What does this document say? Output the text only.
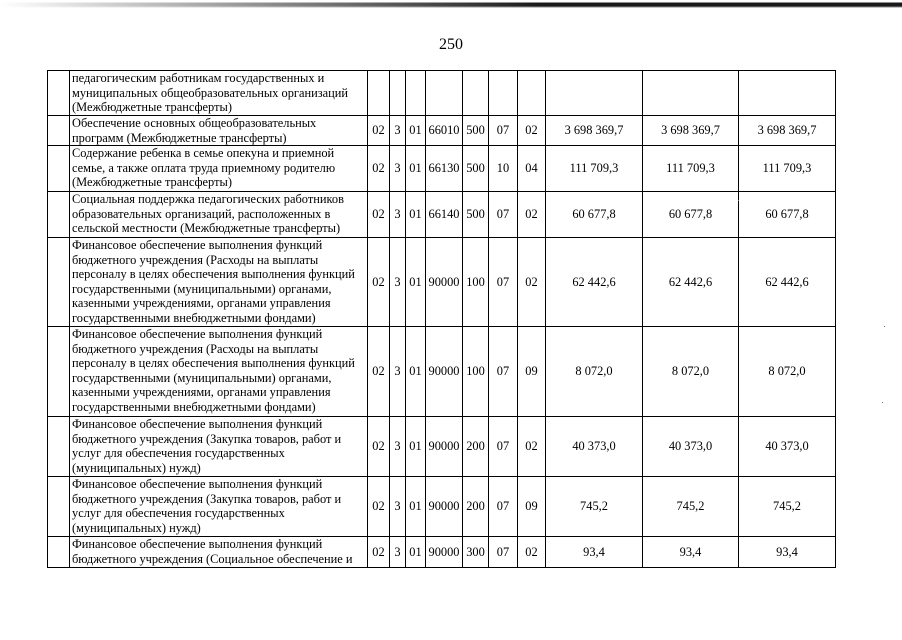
250
	педагогическим работникам государственных и муниципальных общеобразовательных организаций (Межбюджетные трансферты)										
	Обеспечение основных общеобразовательных программ (Межбюджетные трансферты)	02	3	01	66010	500	07	02	3 698 369,7	3 698 369,7	3 698 369,7
	Содержание ребенка в семье опекуна и приемной семье, а также оплата труда приемному родителю (Межбюджетные трансферты)	02	3	01	66130	500	10	04	111 709,3	111 709,3	111 709,3
	Социальная поддержка педагогических работников образовательных организаций, расположенных в сельской местности (Межбюджетные трансферты)	02	3	01	66140	500	07	02	60 677,8	60 677,8	60 677,8
	Финансовое обеспечение выполнения функций бюджетного учреждения (Расходы на выплаты персоналу в целях обеспечения выполнения функций государственными (муниципальными) органами, казенными учреждениями, органами управления государственными внебюджетными фондами)	02	3	01	90000	100	07	02	62 442,6	62 442,6	62 442,6
	Финансовое обеспечение выполнения функций бюджетного учреждения (Расходы на выплаты персоналу в целях обеспечения выполнения функций государственными (муниципальными) органами, казенными учреждениями, органами управления государственными внебюджетными фондами)	02	3	01	90000	100	07	09	8 072,0	8 072,0	8 072,0
	Финансовое обеспечение выполнения функций бюджетного учреждения (Закупка товаров, работ и услуг для обеспечения государственных (муниципальных) нужд)	02	3	01	90000	200	07	02	40 373,0	40 373,0	40 373,0
	Финансовое обеспечение выполнения функций бюджетного учреждения (Закупка товаров, работ и услуг для обеспечения государственных (муниципальных) нужд)	02	3	01	90000	200	07	09	745,2	745,2	745,2
	Финансовое обеспечение выполнения функций бюджетного учреждения (Социальное обеспечение и	02	3	01	90000	300	07	02	93,4	93,4	93,4
